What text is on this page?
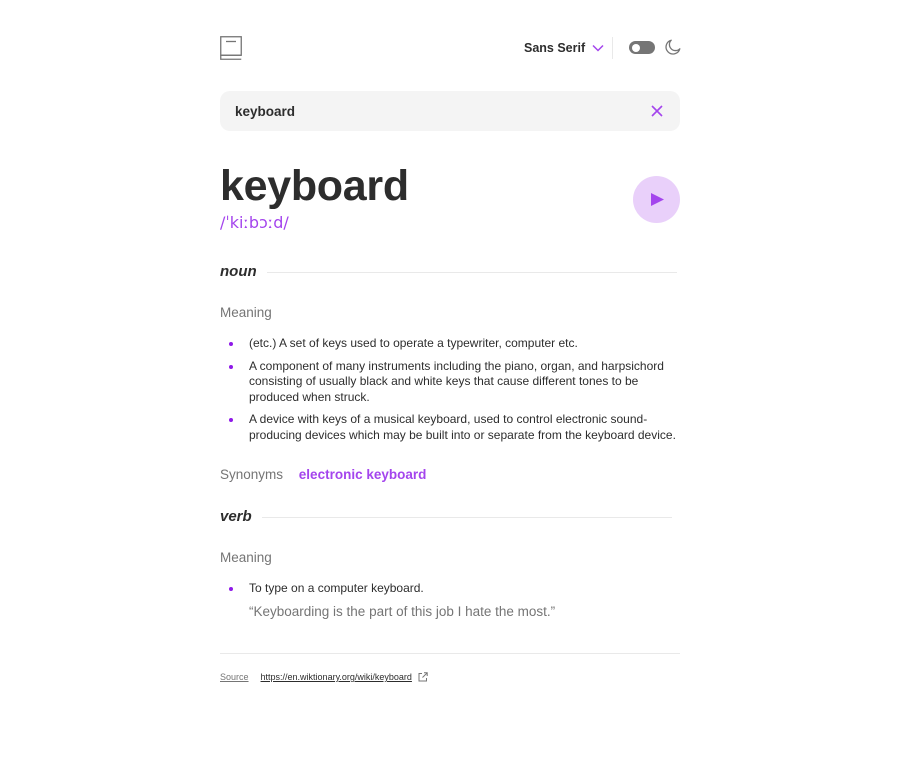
Sans Serif
keyboard
keyboard
/ˈkiːbɔːd/
noun
Meaning
(etc.) A set of keys used to operate a typewriter, computer etc.
A component of many instruments including the piano, organ, and harpsichord consisting of usually black and white keys that cause different tones to be produced when struck.
A device with keys of a musical keyboard, used to control electronic sound-producing devices which may be built into or separate from the keyboard device.
Synonyms electronic keyboard
verb
Meaning
To type on a computer keyboard.
“Keyboarding is the part of this job I hate the most.”
Source https://en.wiktionary.org/wiki/keyboard
